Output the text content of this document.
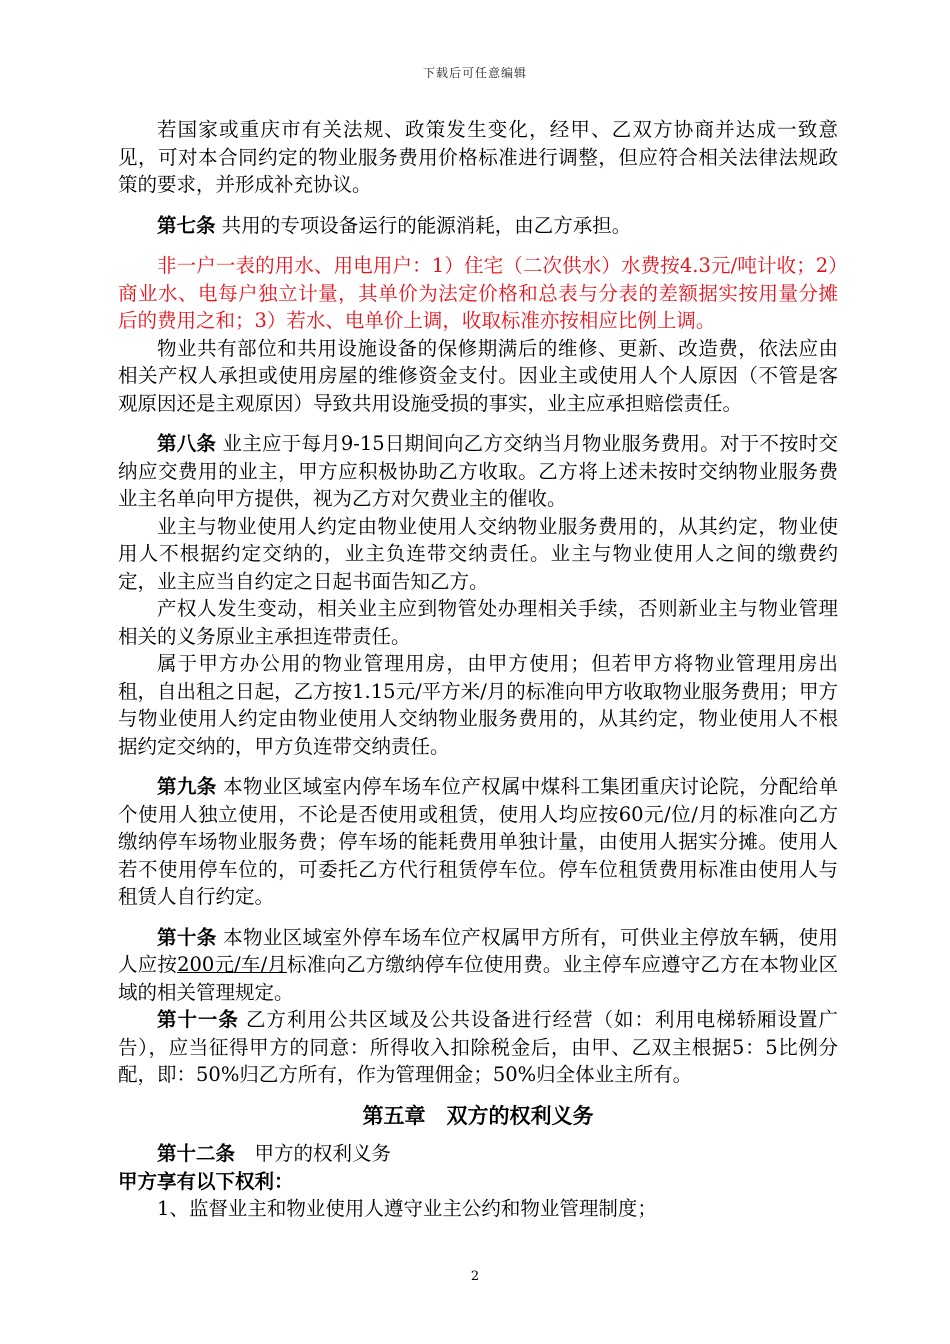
下载后可任意编辑

若国家或重庆市有关法规、政策发生变化，经甲、乙双方协商并达成一致意见，可对本合同约定的物业服务费用价格标准进行调整，但应符合相关法律法规政策的要求，并形成补充协议。

第七条 共用的专项设备运行的能源消耗，由乙方承担。

非一户一表的用水、用电用户：1）住宅（二次供水）水费按4.3元/吨计收；2）商业水、电每户独立计量，其单价为法定价格和总表与分表的差额据实按用量分摊后的费用之和；3）若水、电单价上调，收取标准亦按相应比例上调。

物业共有部位和共用设施设备的保修期满后的维修、更新、改造费，依法应由相关产权人承担或使用房屋的维修资金支付。因业主或使用人个人原因（不管是客观原因还是主观原因）导致共用设施受损的事实，业主应承担赔偿责任。

第八条 业主应于每月9-15日期间向乙方交纳当月物业服务费用。对于不按时交纳应交费用的业主，甲方应积极协助乙方收取。乙方将上述未按时交纳物业服务费业主名单向甲方提供，视为乙方对欠费业主的催收。

业主与物业使用人约定由物业使用人交纳物业服务费用的，从其约定，物业使用人不根据约定交纳的，业主负连带交纳责任。业主与物业使用人之间的缴费约定，业主应当自约定之日起书面告知乙方。

产权人发生变动，相关业主应到物管处办理相关手续，否则新业主与物业管理相关的义务原业主承担连带责任。

属于甲方办公用的物业管理用房，由甲方使用；但若甲方将物业管理用房出租，自出租之日起，乙方按1.15元/平方米/月的标准向甲方收取物业服务费用；甲方与物业使用人约定由物业使用人交纳物业服务费用的，从其约定，物业使用人不根据约定交纳的，甲方负连带交纳责任。

第九条 本物业区域室内停车场车位产权属中煤科工集团重庆讨论院，分配给单个使用人独立使用，不论是否使用或租赁，使用人均应按60元/位/月的标准向乙方缴纳停车场物业服务费；停车场的能耗费用单独计量，由使用人据实分摊。使用人若不使用停车位的，可委托乙方代行租赁停车位。停车位租赁费用标准由使用人与租赁人自行约定。

第十条 本物业区域室外停车场车位产权属甲方所有，可供业主停放车辆，使用人应按200元/车/月标准向乙方缴纳停车位使用费。业主停车应遵守乙方在本物业区域的相关管理规定。

第十一条 乙方利用公共区域及公共设备进行经营（如：利用电梯轿厢设置广告），应当征得甲方的同意：所得收入扣除税金后，由甲、乙双主根据5：5比例分配，即：50%归乙方所有，作为管理佣金；50%归全体业主所有。

第五章　双方的权利义务

第十二条　甲方的权利义务

甲方享有以下权利：

1、监督业主和物业使用人遵守业主公约和物业管理制度；

2
